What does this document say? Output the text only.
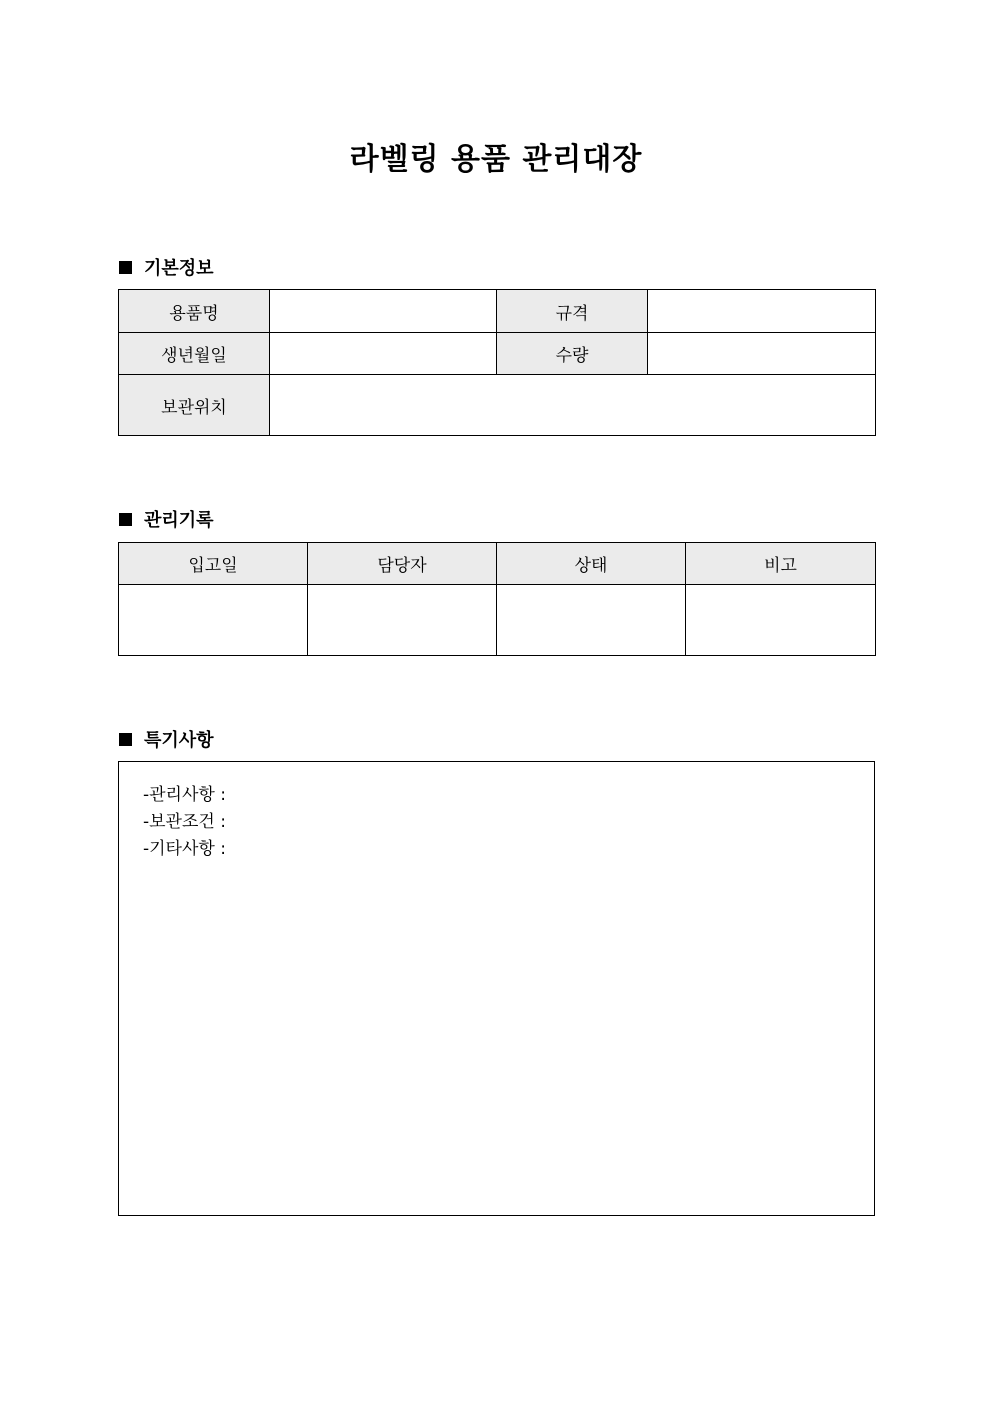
라벨링 용품 관리대장
기본정보
용품명		규격	
생년월일		수량	
보관위치			
관리기록
입고일	담당자	상태	비고

특기사항
-관리사항 :
-보관조건 :
-기타사항 :
